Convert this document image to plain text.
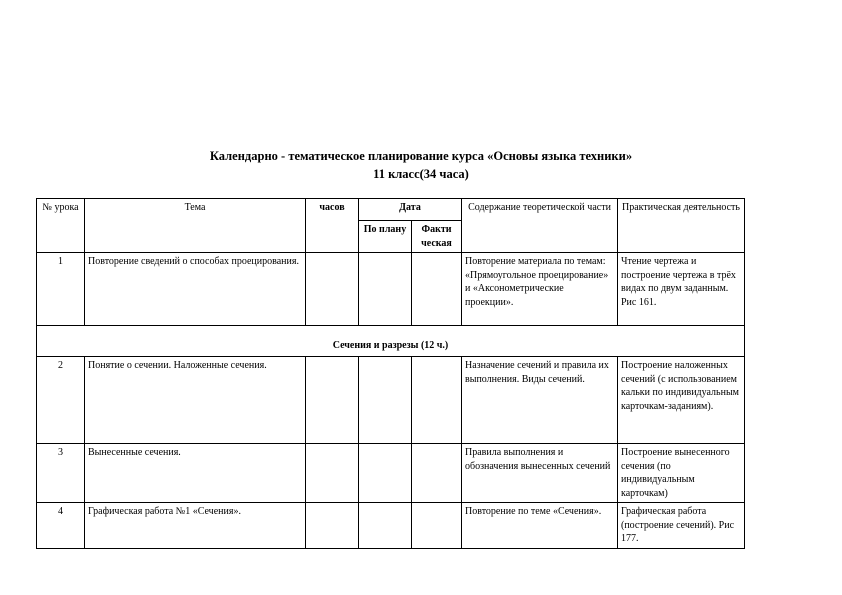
Календарно - тематическое планирование курса «Основы языка техники»
11 класс(34 часа)
№ урока	Тема	часов	Дата		Содержание теоретической части	Практическая деятельность
			По плану	Факти ческая		
1	Повторение сведений о способах проецирования.				Повторение материала по темам: «Прямоугольное проецирование» и «Аксонометрические проекции».	Чтение чертежа и построение чертежа в трёх видах по двум заданным. Рис 161.
Сечения и разрезы (12 ч.)						
2	Понятие о сечении. Наложенные сечения.				Назначение сечений и правила их выполнения. Виды сечений.	Построение наложенных сечений (с использованием кальки по индивидуальным карточкам-заданиям).
3	Вынесенные сечения.				Правила выполнения и обозначения вынесенных сечений	Построение вынесенного сечения (по индивидуальным карточкам)
4	Графическая работа №1 «Сечения».				Повторение по теме «Сечения».	Графическая работа (построение сечений). Рис 177.
